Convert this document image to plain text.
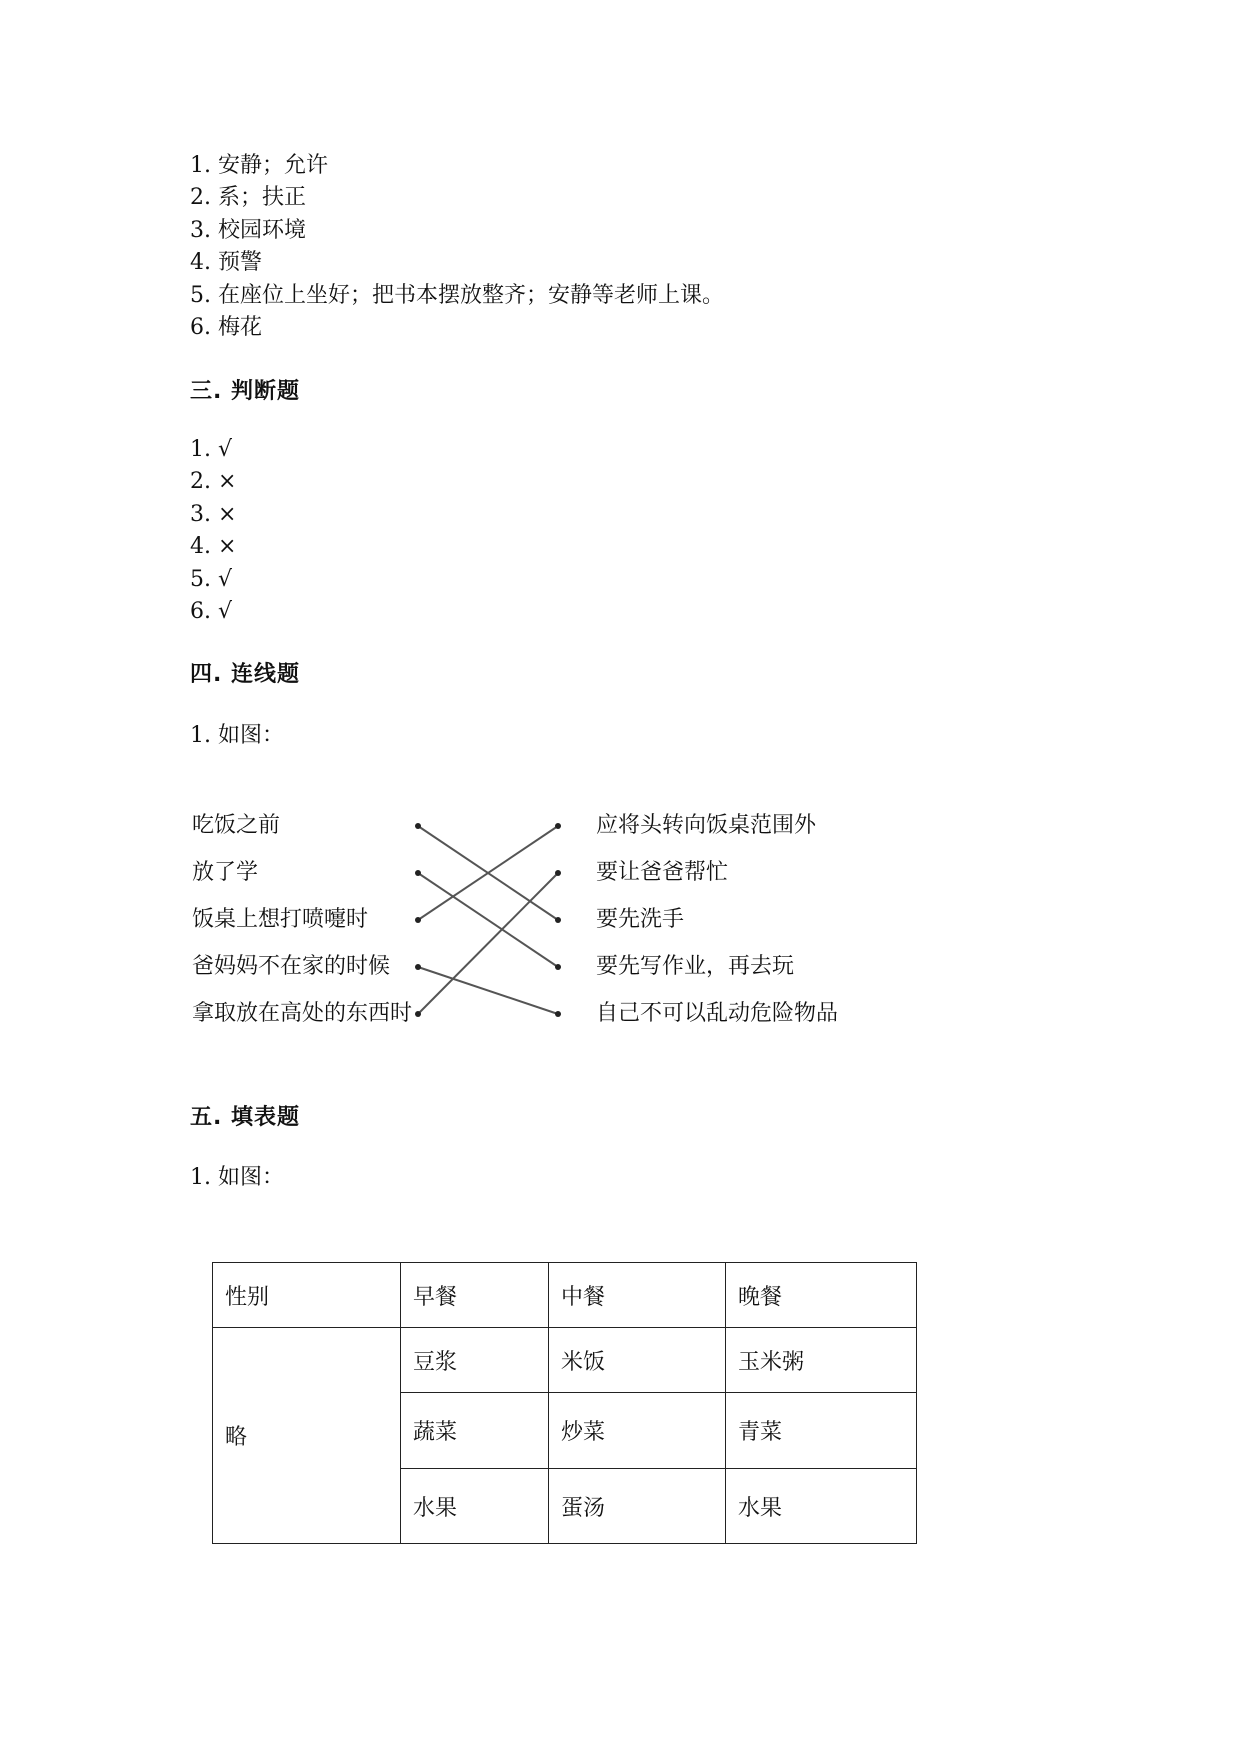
1. 安静；允许
2. 系；扶正
3. 校园环境
4. 预警
5. 在座位上坐好；把书本摆放整齐；安静等老师上课。
6. 梅花
三. 判断题
1. √
2. ×
3. ×
4. ×
5. √
6. √
四. 连线题
1. 如图：
吃饭之前
放了学
饭桌上想打喷嚏时
爸妈妈不在家的时候
拿取放在高处的东西时
应将头转向饭桌范围外
要让爸爸帮忙
要先洗手
要先写作业，再去玩
自己不可以乱动危险物品
五. 填表题
1. 如图：
性别	早餐	中餐	晚餐
略	豆浆	米饭	玉米粥
	蔬菜	炒菜	青菜
	水果	蛋汤	水果
